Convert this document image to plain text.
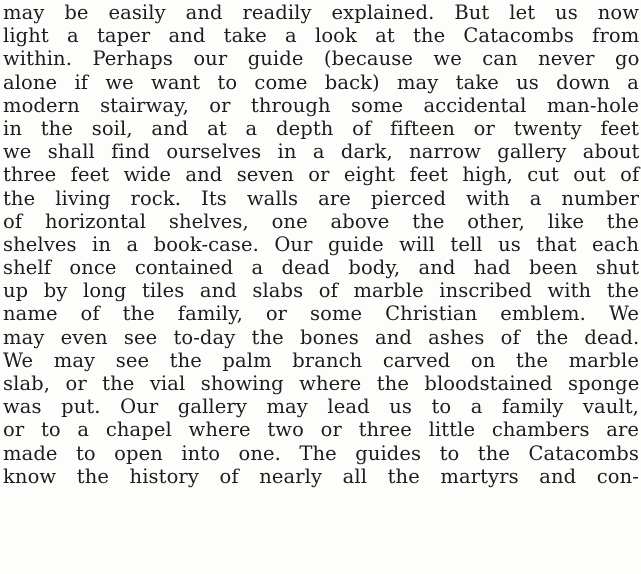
may be easily and readily explained. But let us now
light a taper and take a look at the Catacombs from
within. Perhaps our guide (because we can never go
alone if we want to come back) may take us down a
modern stairway, or through some accidental man-hole
in the soil, and at a depth of fifteen or twenty feet
we shall find ourselves in a dark, narrow gallery about
three feet wide and seven or eight feet high, cut out of
the living rock. Its walls are pierced with a number
of horizontal shelves, one above the other, like the
shelves in a book-case. Our guide will tell us that each
shelf once contained a dead body, and had been shut
up by long tiles and slabs of marble inscribed with the
name of the family, or some Christian emblem. We
may even see to-day the bones and ashes of the dead.
We may see the palm branch carved on the marble
slab, or the vial showing where the bloodstained sponge
was put. Our gallery may lead us to a family vault,
or to a chapel where two or three little chambers are
made to open into one. The guides to the Catacombs
know the history of nearly all the martyrs and con-
